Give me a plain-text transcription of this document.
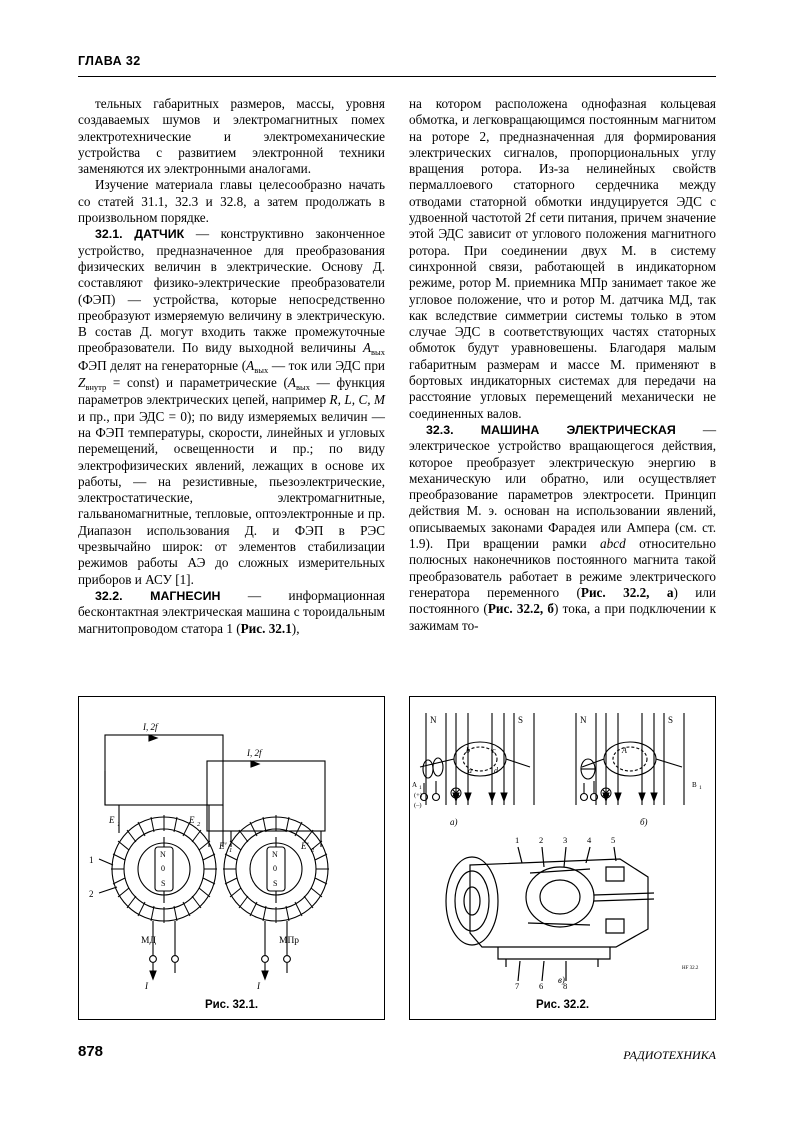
ГЛАВА 32

тельных габаритных размеров, массы, уровня создаваемых шумов и электромагнитных помех электротехнические и электромеханические устройства с развитием электронной техники заменяются их электронными аналогами.

Изучение материала главы целесообразно начать со статей 31.1, 32.3 и 32.8, а затем продолжать в произвольном порядке.

32.1. ДАТЧИК — конструктивно законченное устройство, предназначенное для преобразования физических величин в электрические. Основу Д. составляют физико-электрические преобразователи (ФЭП) — устройства, которые непосредственно преобразуют измеряемую величину в электрическую. В состав Д. могут входить также промежуточные преобразователи. По виду выходной величины $A_{вых}$ ФЭП делят на генераторные ($A_{вых}$ — ток или ЭДС при $Z_{внутр}$ = const) и параметрические ($A_{вых}$ — функция параметров электрических цепей, например R, L, C, M и пр., при ЭДС = 0); по виду измеряемых величин — на ФЭП температуры, скорости, линейных и угловых перемещений, освещенности и пр.; по виду электрофизических явлений, лежащих в основе их работы, — на резистивные, пьезоэлектрические, электростатические, электромагнитные, гальваномагнитные, тепловые, оптоэлектронные и пр. Диапазон использования Д. и ФЭП в РЭС чрезвычайно широк: от элементов стабилизации режимов работы АЭ до сложных измерительных приборов и АСУ [1].

32.2. МАГНЕСИН — информационная бесконтактная электрическая машина с тороидальным магнитопроводом статора 1 (Рис. 32.1),

на котором расположена однофазная кольцевая обмотка, и легковращающимся постоянным магнитом на роторе 2, предназначенная для формирования электрических сигналов, пропорциональных углу вращения ротора. Из-за нелинейных свойств пермаллоевого статорного сердечника между отводами статорной обмотки индуцируется ЭДС с удвоенной частотой 2f сети питания, причем значение этой ЭДС зависит от углового положения магнитного ротора. При соединении двух М. в систему синхронной связи, работающей в индикаторном режиме, ротор М. приемника МПр занимает такое же угловое положение, что и ротор М. датчика МД, так как вследствие симметрии системы только в этом случае ЭДС в соответствующих частях статорных обмоток будут уравновешены. Благодаря малым габаритным размерам и массе М. применяют в бортовых индикаторных системах для передачи на расстояние угловых перемещений механически не соединенных валов.

32.3. МАШИНА ЭЛЕКТРИЧЕСКАЯ — электрическое устройство вращающегося действия, которое преобразует электрическую энергию в механическую или обратно, или осуществляет преобразование параметров электросети. Принцип действия М. э. основан на использовании явлений, описываемых законами Фарадея или Ампера (см. ст. 1.9). При вращении рамки abcd относительно полюсных наконечников постоянного магнита такой преобразователь работает в режиме электрического генератора переменного (Рис. 32.2, а) или постоянного (Рис. 32.2, б) тока, а при подключении к зажимам то-

I, 2f
I, 2f
E 1	E 2
E' 1	E' 2
I	I
1
2
МД	МПр
N
0
S
N
0
S
Рис. 32.1.
N	S	N	S
b	c
a	d
A
A 1
(+)
(–)
B 1
а)	б)
1 2 3 4 5
7 6 8
в)
HF 32.2
Рис. 32.2.
878	РАДИОТЕХНИКА
